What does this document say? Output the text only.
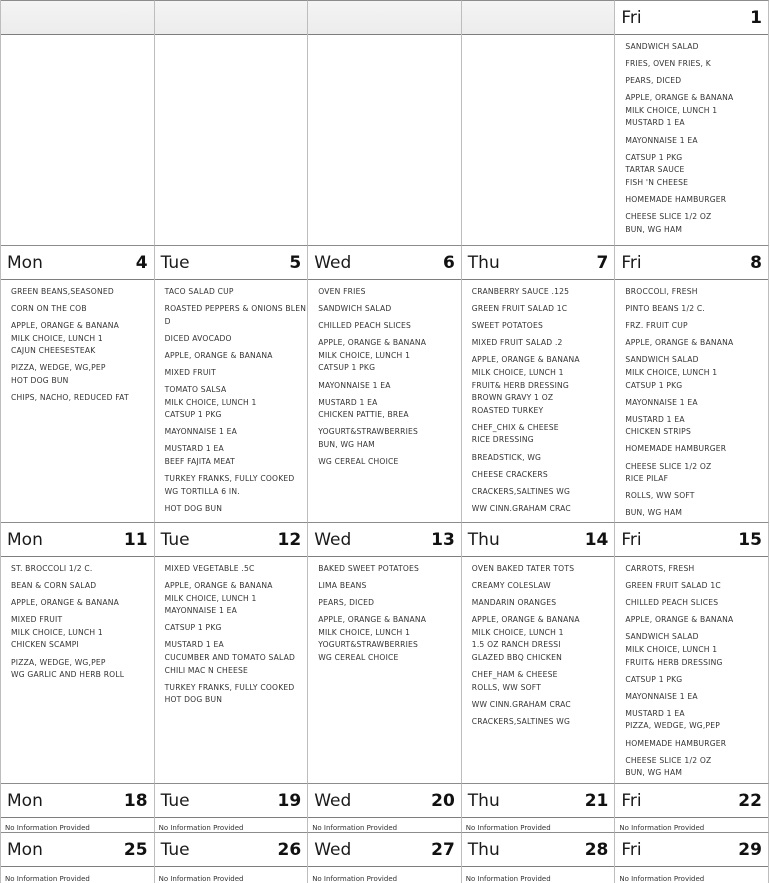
Fri	1
SANDWICH SALAD
FRIES, OVEN FRIES, K
PEARS, DICED
APPLE, ORANGE & BANANA
MILK CHOICE, LUNCH 1
MUSTARD 1 EA
MAYONNAISE 1 EA
CATSUP 1 PKG
TARTAR SAUCE
FISH 'N CHEESE
HOMEMADE HAMBURGER
CHEESE SLICE 1/2 OZ
BUN, WG HAM
Mon	4
GREEN BEANS,SEASONED
CORN ON THE COB
APPLE, ORANGE & BANANA
MILK CHOICE, LUNCH 1
CAJUN CHEESESTEAK
PIZZA, WEDGE, WG,PEP
HOT DOG BUN
CHIPS, NACHO, REDUCED FAT
Tue	5
TACO SALAD CUP
ROASTED PEPPERS & ONIONS BLEN
D
DICED AVOCADO
APPLE, ORANGE & BANANA
MIXED FRUIT
TOMATO SALSA
MILK CHOICE, LUNCH 1
CATSUP 1 PKG
MAYONNAISE 1 EA
MUSTARD 1 EA
BEEF FAJITA MEAT
TURKEY FRANKS, FULLY COOKED
WG TORTILLA 6 IN.
HOT DOG BUN
Wed	6
OVEN FRIES
SANDWICH SALAD
CHILLED PEACH SLICES
APPLE, ORANGE & BANANA
MILK CHOICE, LUNCH 1
CATSUP 1 PKG
MAYONNAISE 1 EA
MUSTARD 1 EA
CHICKEN PATTIE, BREA
YOGURT&STRAWBERRIES
BUN, WG HAM
WG CEREAL CHOICE
Thu	7
CRANBERRY SAUCE .125
GREEN FRUIT SALAD 1C
SWEET POTATOES
MIXED FRUIT SALAD .2
APPLE, ORANGE & BANANA
MILK CHOICE, LUNCH 1
FRUIT& HERB DRESSING
BROWN GRAVY 1 OZ
ROASTED TURKEY
CHEF_CHIX & CHEESE
RICE DRESSING
BREADSTICK, WG
CHEESE CRACKERS
CRACKERS,SALTINES WG
WW CINN.GRAHAM CRAC
Fri	8
BROCCOLI, FRESH
PINTO BEANS 1/2 C.
FRZ. FRUIT CUP
APPLE, ORANGE & BANANA
SANDWICH SALAD
MILK CHOICE, LUNCH 1
CATSUP 1 PKG
MAYONNAISE 1 EA
MUSTARD 1 EA
CHICKEN STRIPS
HOMEMADE HAMBURGER
CHEESE SLICE 1/2 OZ
RICE PILAF
ROLLS, WW SOFT
BUN, WG HAM
Mon	11
ST. BROCCOLI 1/2 C.
BEAN & CORN SALAD
APPLE, ORANGE & BANANA
MIXED FRUIT
MILK CHOICE, LUNCH 1
CHICKEN SCAMPI
PIZZA, WEDGE, WG,PEP
WG GARLIC AND HERB ROLL
Tue	12
MIXED VEGETABLE .5C
APPLE, ORANGE & BANANA
MILK CHOICE, LUNCH 1
MAYONNAISE 1 EA
CATSUP 1 PKG
MUSTARD 1 EA
CUCUMBER AND TOMATO SALAD
CHILI MAC N CHEESE
TURKEY FRANKS, FULLY COOKED
HOT DOG BUN
Wed	13
BAKED SWEET POTATOES
LIMA BEANS
PEARS, DICED
APPLE, ORANGE & BANANA
MILK CHOICE, LUNCH 1
YOGURT&STRAWBERRIES
WG CEREAL CHOICE
Thu	14
OVEN BAKED TATER TOTS
CREAMY COLESLAW
MANDARIN ORANGES
APPLE, ORANGE & BANANA
MILK CHOICE, LUNCH 1
1.5 OZ RANCH DRESSI
GLAZED BBQ CHICKEN
CHEF_HAM & CHEESE
ROLLS, WW SOFT
WW CINN.GRAHAM CRAC
CRACKERS,SALTINES WG
Fri	15
CARROTS, FRESH
GREEN FRUIT SALAD 1C
CHILLED PEACH SLICES
APPLE, ORANGE & BANANA
SANDWICH SALAD
MILK CHOICE, LUNCH 1
FRUIT& HERB DRESSING
CATSUP 1 PKG
MAYONNAISE 1 EA
MUSTARD 1 EA
PIZZA, WEDGE, WG,PEP
HOMEMADE HAMBURGER
CHEESE SLICE 1/2 OZ
BUN, WG HAM
Mon	18
No Information Provided
Tue	19
No Information Provided
Wed	20
No Information Provided
Thu	21
No Information Provided
Fri	22
No Information Provided
Mon	25
No Information Provided
Tue	26
No Information Provided
Wed	27
No Information Provided
Thu	28
No Information Provided
Fri	29
No Information Provided
